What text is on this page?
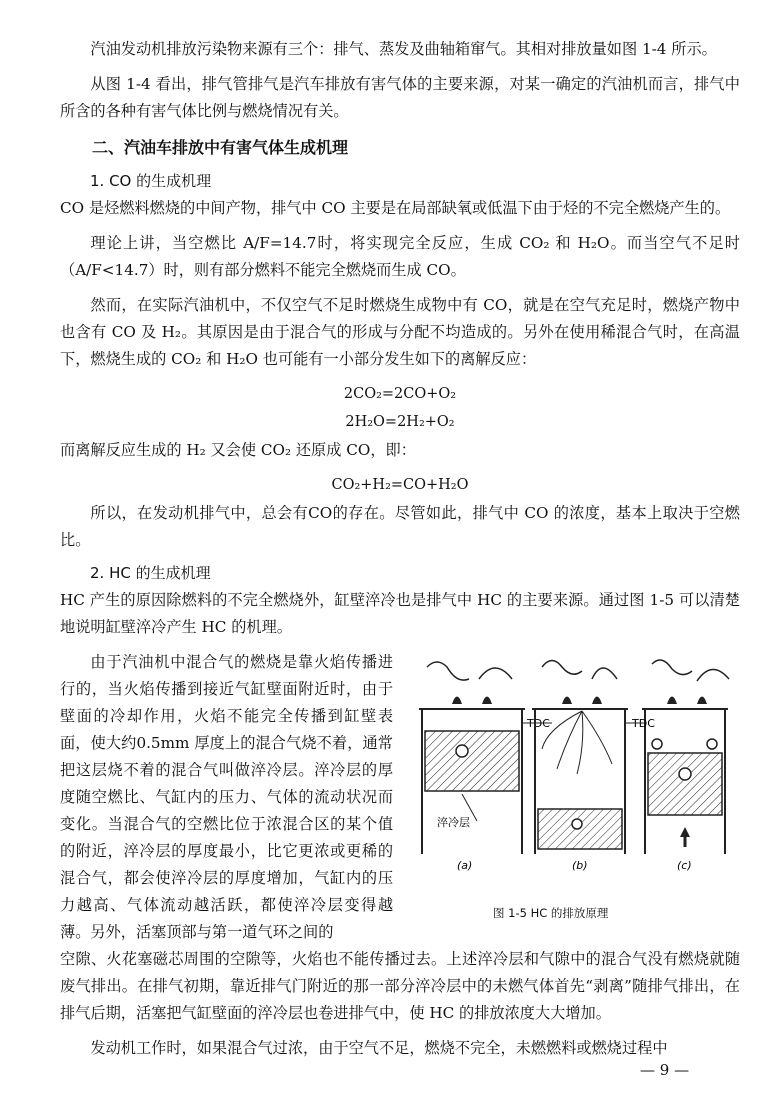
汽油发动机排放污染物来源有三个：排气、蒸发及曲轴箱窜气。其相对排放量如图 1-4 所示。

从图 1-4 看出，排气管排气是汽车排放有害气体的主要来源，对某一确定的汽油机而言，排气中所含的各种有害气体比例与燃烧情况有关。

二、汽油车排放中有害气体生成机理
1. CO 的生成机理

CO 是烃燃料燃烧的中间产物，排气中 CO 主要是在局部缺氧或低温下由于烃的不完全燃烧产生的。

理论上讲，当空燃比 A/F=14.7时，将实现完全反应，生成 CO₂ 和 H₂O。而当空气不足时（A/F<14.7）时，则有部分燃料不能完全燃烧而生成 CO。

然而，在实际汽油机中，不仅空气不足时燃烧生成物中有 CO，就是在空气充足时，燃烧产物中也含有 CO 及 H₂。其原因是由于混合气的形成与分配不均造成的。另外在使用稀混合气时，在高温下，燃烧生成的 CO₂ 和 H₂O 也可能有一小部分发生如下的离解反应：

2CO₂=2CO+O₂
2H₂O=2H₂+O₂

而离解反应生成的 H₂ 又会使 CO₂ 还原成 CO，即：

CO₂+H₂=CO+H₂O

所以，在发动机排气中，总会有CO的存在。尽管如此，排气中 CO 的浓度，基本上取决于空燃比。

2. HC 的生成机理

HC 产生的原因除燃料的不完全燃烧外，缸壁淬冷也是排气中 HC 的主要来源。通过图 1-5 可以清楚地说明缸壁淬冷产生 HC 的机理。

由于汽油机中混合气的燃烧是靠火焰传播进行的，当火焰传播到接近气缸壁面附近时，由于壁面的冷却作用，火焰不能完全传播到缸壁表面，使大约0.5mm 厚度上的混合气烧不着，通常把这层烧不着的混合气叫做淬冷层。淬冷层的厚度随空燃比、气缸内的压力、气体的流动状况而变化。当混合气的空燃比位于浓混合区的某个值的附近，淬冷层的厚度最小，比它更浓或更稀的混合气，都会使淬冷层的厚度增加，气缸内的压力越高、气体流动越活跃，都使淬冷层变得越薄。另外，活塞顶部与第一道气环之间的

TDC
淬冷层
(a)	(b)
TDC
(c)
图 1-5 HC 的排放原理

空隙、火花塞磁芯周围的空隙等，火焰也不能传播过去。上述淬冷层和气隙中的混合气没有燃烧就随废气排出。在排气初期，靠近排气门附近的那一部分淬冷层中的未燃气体首先“剥离”随排气排出，在排气后期，活塞把气缸壁面的淬冷层也卷进排气中，使 HC 的排放浓度大大增加。

发动机工作时，如果混合气过浓，由于空气不足，燃烧不完全，未燃燃料或燃烧过程中

— 9 —
